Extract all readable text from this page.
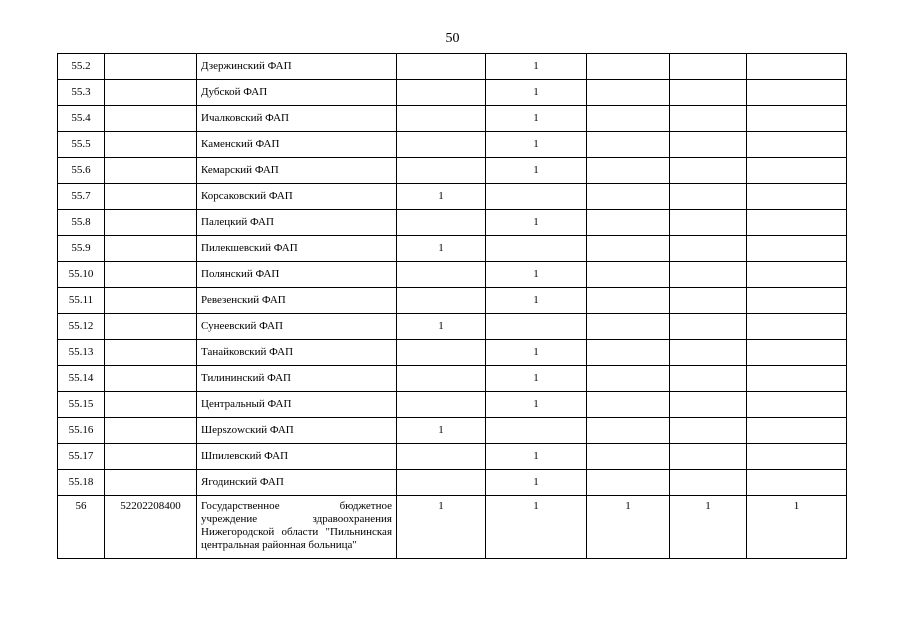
50
55.2		Дзержинский ФАП		1			
55.3		Дубской ФАП		1			
55.4		Ичалковский ФАП		1			
55.5		Каменский ФАП		1			
55.6		Кемарский ФАП		1			
55.7		Корсаковский ФАП	1				
55.8		Палецкий ФАП		1			
55.9		Пилекшевский ФАП	1				
55.10		Полянский ФАП		1			
55.11		Ревезенский ФАП		1			
55.12		Сунеевский ФАП	1				
55.13		Танайковский ФАП		1			
55.14		Тилининский ФАП		1			
55.15		Центральный ФАП		1			
55.16		Шерszowский ФАП	1				
55.17		Шпилевский ФАП		1			
55.18		Ягодинский ФАП		1			
56	52202208400	Государственное бюджетное учреждение здравоохранения Нижегородской области "Пильнинская центральная районная больница"	1	1	1	1	1
